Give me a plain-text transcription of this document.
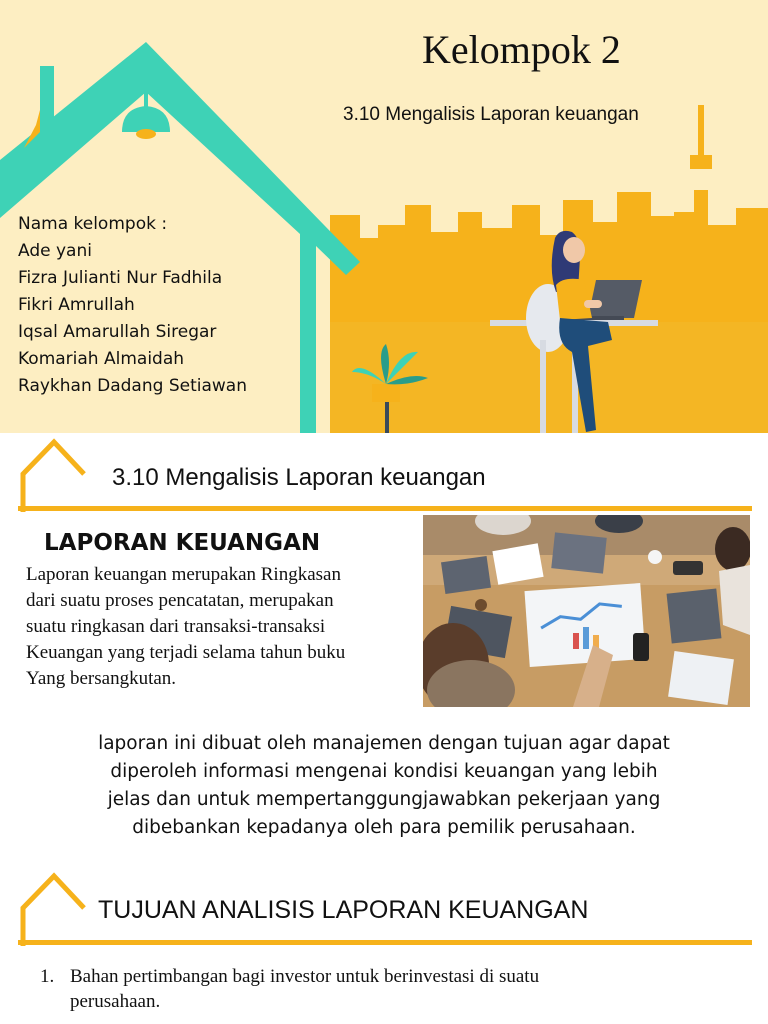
Kelompok 2
3.10 Mengalisis Laporan keuangan
Nama kelompok :
Ade yani
Fizra Julianti Nur Fadhila
Fikri Amrullah
Iqsal Amarullah Siregar
Komariah Almaidah
Raykhan Dadang Setiawan
3.10 Mengalisis Laporan keuangan
LAPORAN KEUANGAN
Laporan keuangan merupakan Ringkasan
dari suatu proses pencatatan, merupakan
suatu ringkasan dari transaksi-transaksi
Keuangan yang terjadi selama tahun buku
Yang bersangkutan.
laporan ini dibuat oleh manajemen dengan tujuan agar dapat
diperoleh informasi mengenai kondisi keuangan yang lebih
jelas dan untuk mempertanggungjawabkan pekerjaan yang
dibebankan kepadanya oleh para pemilik perusahaan.
TUJUAN ANALISIS LAPORAN KEUANGAN
1. Bahan pertimbangan bagi investor untuk berinvestasi di suatu
perusahaan.
